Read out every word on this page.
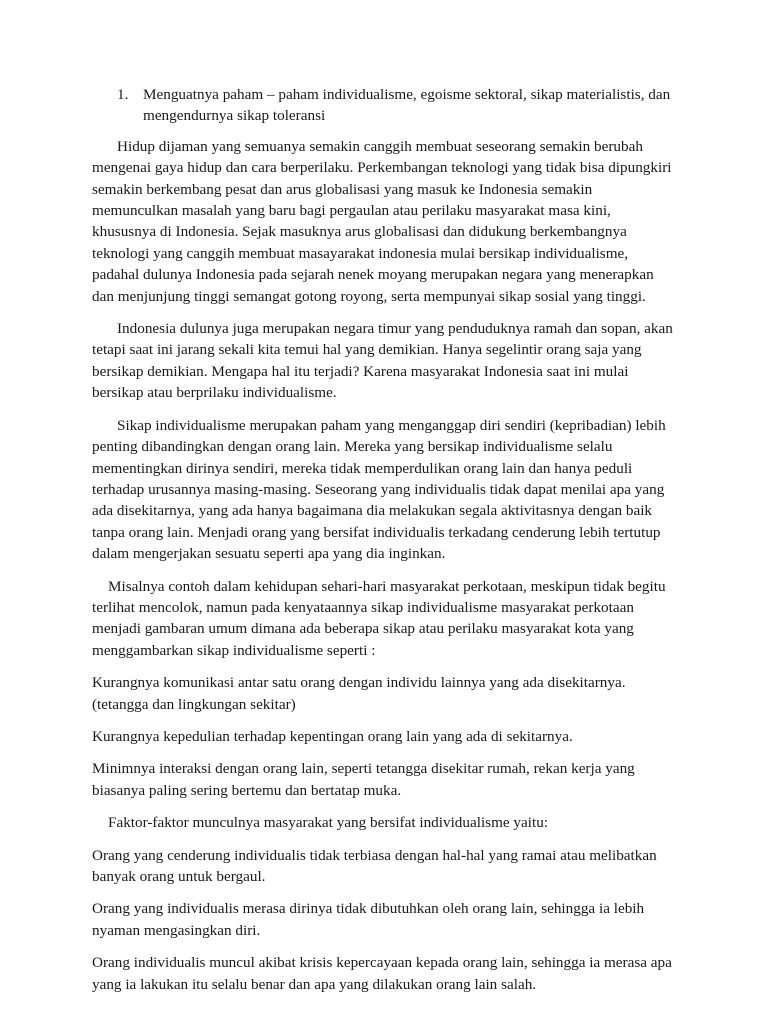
1. Menguatnya paham – paham individualisme, egoisme sektoral, sikap materialistis, dan mengendurnya sikap toleransi

Hidup dijaman yang semuanya semakin canggih membuat seseorang semakin berubah mengenai gaya hidup dan cara berperilaku. Perkembangan teknologi yang tidak bisa dipungkiri semakin berkembang pesat dan arus globalisasi yang masuk ke Indonesia semakin memunculkan masalah yang baru bagi pergaulan atau perilaku masyarakat masa kini, khususnya di Indonesia. Sejak masuknya arus globalisasi dan didukung berkembangnya teknologi yang canggih membuat masayarakat indonesia mulai bersikap individualisme, padahal dulunya Indonesia pada sejarah nenek moyang merupakan negara yang menerapkan dan menjunjung tinggi semangat gotong royong, serta mempunyai sikap sosial yang tinggi.

Indonesia dulunya juga merupakan negara timur yang penduduknya ramah dan sopan, akan tetapi saat ini jarang sekali kita temui hal yang demikian. Hanya segelintir orang saja yang bersikap demikian. Mengapa hal itu terjadi? Karena masyarakat Indonesia saat ini mulai bersikap atau berprilaku individualisme.

Sikap individualisme merupakan paham yang menganggap diri sendiri (kepribadian) lebih penting dibandingkan dengan orang lain. Mereka yang bersikap individualisme selalu mementingkan dirinya sendiri, mereka tidak memperdulikan orang lain dan hanya peduli terhadap urusannya masing-masing. Seseorang yang individualis tidak dapat menilai apa yang ada disekitarnya, yang ada hanya bagaimana dia melakukan segala aktivitasnya dengan baik tanpa orang lain. Menjadi orang yang bersifat individualis terkadang cenderung lebih tertutup dalam mengerjakan sesuatu seperti apa yang dia inginkan.

Misalnya contoh dalam kehidupan sehari-hari masyarakat perkotaan, meskipun tidak begitu terlihat mencolok, namun pada kenyataannya sikap individualisme masyarakat perkotaan menjadi gambaran umum dimana ada beberapa sikap atau perilaku masyarakat kota yang menggambarkan sikap individualisme seperti :

Kurangnya komunikasi antar satu orang dengan individu lainnya yang ada disekitarnya. (tetangga dan lingkungan sekitar)

Kurangnya kepedulian terhadap kepentingan orang lain yang ada di sekitarnya.

Minimnya interaksi dengan orang lain, seperti tetangga disekitar rumah, rekan kerja yang biasanya paling sering bertemu dan bertatap muka.

Faktor-faktor munculnya masyarakat yang bersifat individualisme yaitu:

Orang yang cenderung individualis tidak terbiasa dengan hal-hal yang ramai atau melibatkan banyak orang untuk bergaul.

Orang yang individualis merasa dirinya tidak dibutuhkan oleh orang lain, sehingga ia lebih nyaman mengasingkan diri.

Orang individualis muncul akibat krisis kepercayaan kepada orang lain, sehingga ia merasa apa yang ia lakukan itu selalu benar dan apa yang dilakukan orang lain salah.
